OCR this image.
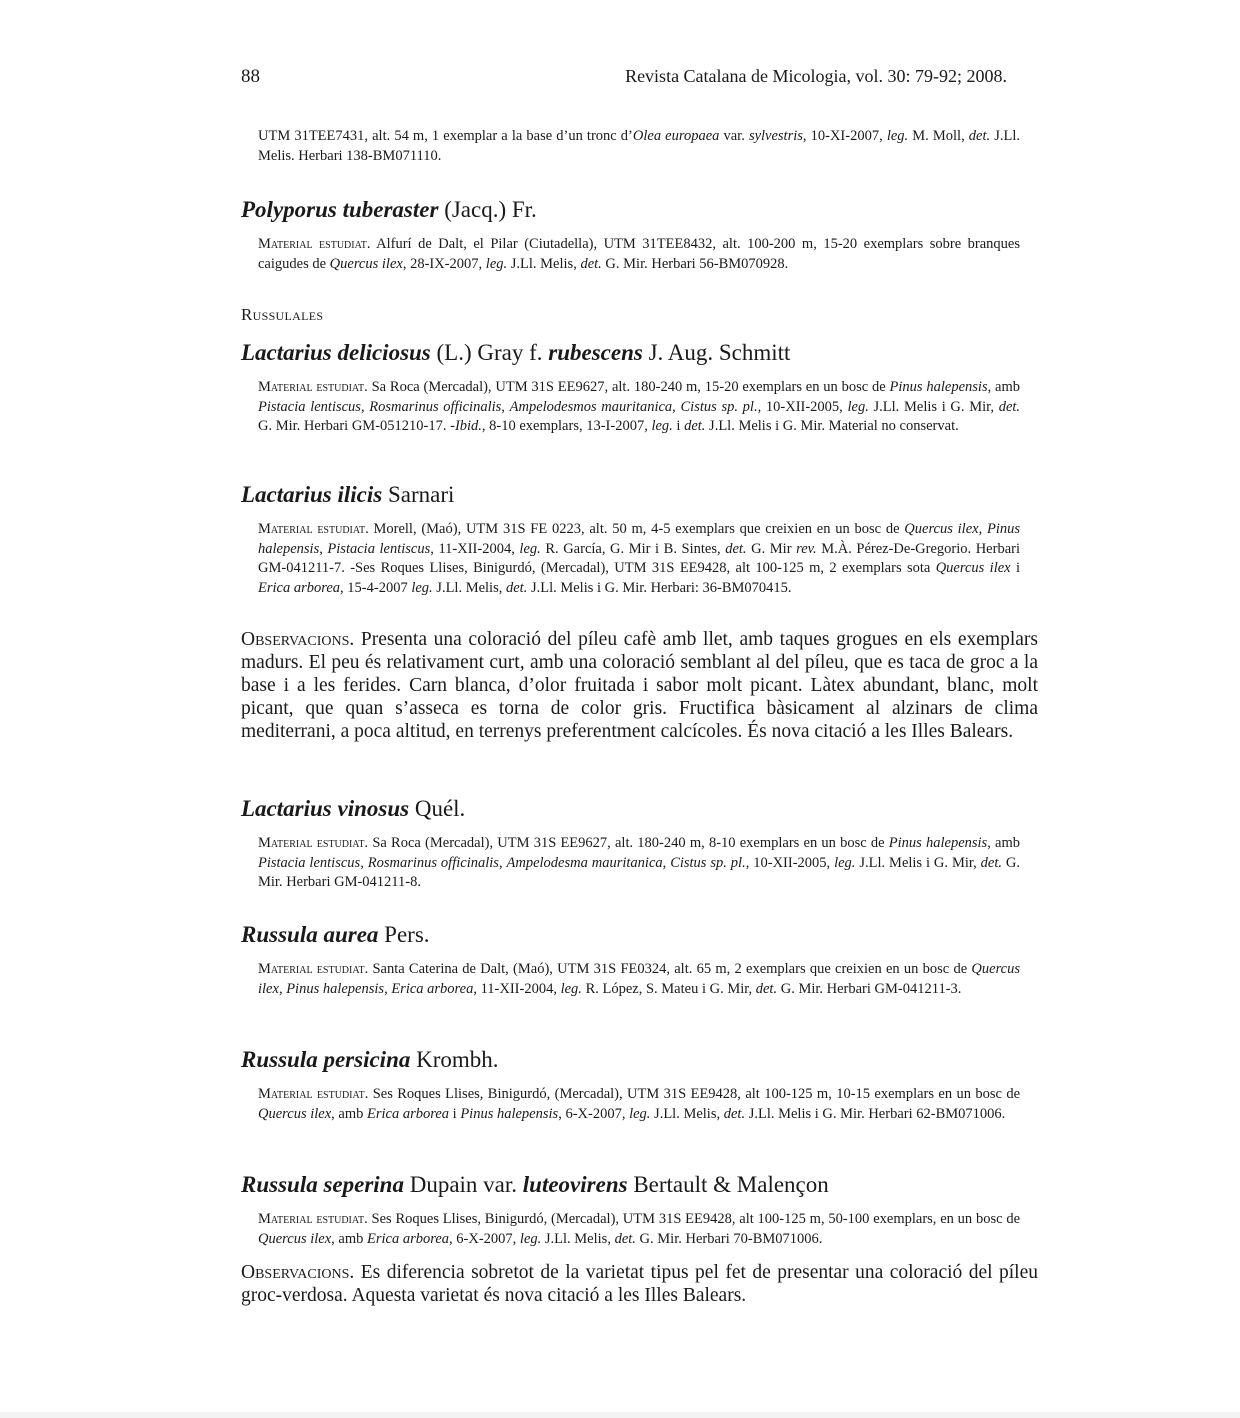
88	Revista Catalana de Micologia, vol. 30: 79-92; 2008.
UTM 31TEE7431, alt. 54 m, 1 exemplar a la base d’un tronc d’Olea europaea var. sylvestris, 10-XI-2007, leg. M. Moll, det. J.Ll. Melis. Herbari 138-BM071110.
Polyporus tuberaster (Jacq.) Fr.
Material estudiat. Alfurí de Dalt, el Pilar (Ciutadella), UTM 31TEE8432, alt. 100-200 m, 15-20 exemplars sobre branques caigudes de Quercus ilex, 28-IX-2007, leg. J.Ll. Melis, det. G. Mir. Herbari 56-BM070928.
Russulales
Lactarius deliciosus (L.) Gray f. rubescens J. Aug. Schmitt
Material estudiat. Sa Roca (Mercadal), UTM 31S EE9627, alt. 180-240 m, 15-20 exemplars en un bosc de Pinus halepensis, amb Pistacia lentiscus, Rosmarinus officinalis, Ampelodesmos mauritanica, Cistus sp. pl., 10-XII-2005, leg. J.Ll. Melis i G. Mir, det. G. Mir. Herbari GM-051210-17. -Ibid., 8-10 exemplars, 13-I-2007, leg. i det. J.Ll. Melis i G. Mir. Material no conservat.
Lactarius ilicis Sarnari
Material estudiat. Morell, (Maó), UTM 31S FE 0223, alt. 50 m, 4-5 exemplars que creixien en un bosc de Quercus ilex, Pinus halepensis, Pistacia lentiscus, 11-XII-2004, leg. R. García, G. Mir i B. Sintes, det. G. Mir rev. M.À. Pérez-De-Gregorio. Herbari GM-041211-7. -Ses Roques Llises, Binigurdó, (Mercadal), UTM 31S EE9428, alt 100-125 m, 2 exemplars sota Quercus ilex i Erica arborea, 15-4-2007 leg. J.Ll. Melis, det. J.Ll. Melis i G. Mir. Herbari: 36-BM070415.
Observacions. Presenta una coloració del píleu cafè amb llet, amb taques grogues en els exemplars madurs. El peu és relativament curt, amb una coloració semblant al del píleu, que es taca de groc a la base i a les ferides. Carn blanca, d’olor fruitada i sabor molt picant. Làtex abundant, blanc, molt picant, que quan s’asseca es torna de color gris. Fructifica bàsicament al alzinars de clima mediterrani, a poca altitud, en terrenys preferentment calcícoles. És nova citació a les Illes Balears.
Lactarius vinosus Quél.
Material estudiat. Sa Roca (Mercadal), UTM 31S EE9627, alt. 180-240 m, 8-10 exemplars en un bosc de Pinus halepensis, amb Pistacia lentiscus, Rosmarinus officinalis, Ampelodesma mauritanica, Cistus sp. pl., 10-XII-2005, leg. J.Ll. Melis i G. Mir, det. G. Mir. Herbari GM-041211-8.
Russula aurea Pers.
Material estudiat. Santa Caterina de Dalt, (Maó), UTM 31S FE0324, alt. 65 m, 2 exemplars que creixien en un bosc de Quercus ilex, Pinus halepensis, Erica arborea, 11-XII-2004, leg. R. López, S. Mateu i G. Mir, det. G. Mir. Herbari GM-041211-3.
Russula persicina Krombh.
Material estudiat. Ses Roques Llises, Binigurdó, (Mercadal), UTM 31S EE9428, alt 100-125 m, 10-15 exemplars en un bosc de Quercus ilex, amb Erica arborea i Pinus halepensis, 6-X-2007, leg. J.Ll. Melis, det. J.Ll. Melis i G. Mir. Herbari 62-BM071006.
Russula seperina Dupain var. luteovirens Bertault & Malençon
Material estudiat. Ses Roques Llises, Binigurdó, (Mercadal), UTM 31S EE9428, alt 100-125 m, 50-100 exemplars, en un bosc de Quercus ilex, amb Erica arborea, 6-X-2007, leg. J.Ll. Melis, det. G. Mir. Herbari 70-BM071006.
Observacions. Es diferencia sobretot de la varietat tipus pel fet de presentar una coloració del píleu groc-verdosa. Aquesta varietat és nova citació a les Illes Balears.
